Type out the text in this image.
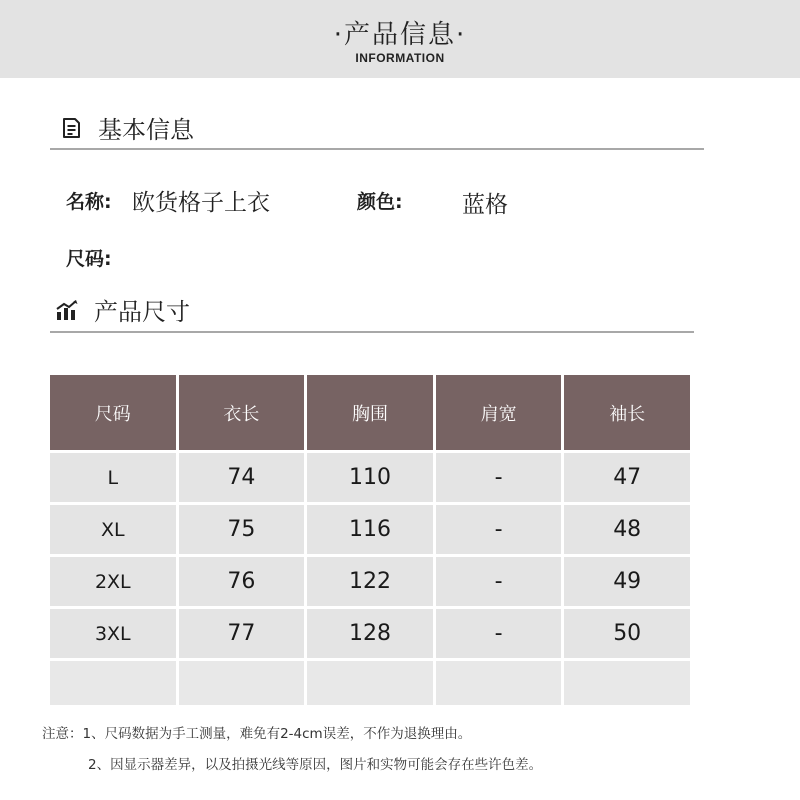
·产品信息·
INFORMATION
基本信息
名称: 欧货格子上衣	颜色:	蓝格
尺码:
产品尺寸
尺码	衣长	胸围	肩宽	袖长
L	74	110	-	47
XL	75	116	-	48
2XL	76	122	-	49
3XL	77	128	-	50

注意：1、尺码数据为手工测量，难免有2-4cm误差，不作为退换理由。
2、因显示器差异，以及拍摄光线等原因，图片和实物可能会存在些许色差。
